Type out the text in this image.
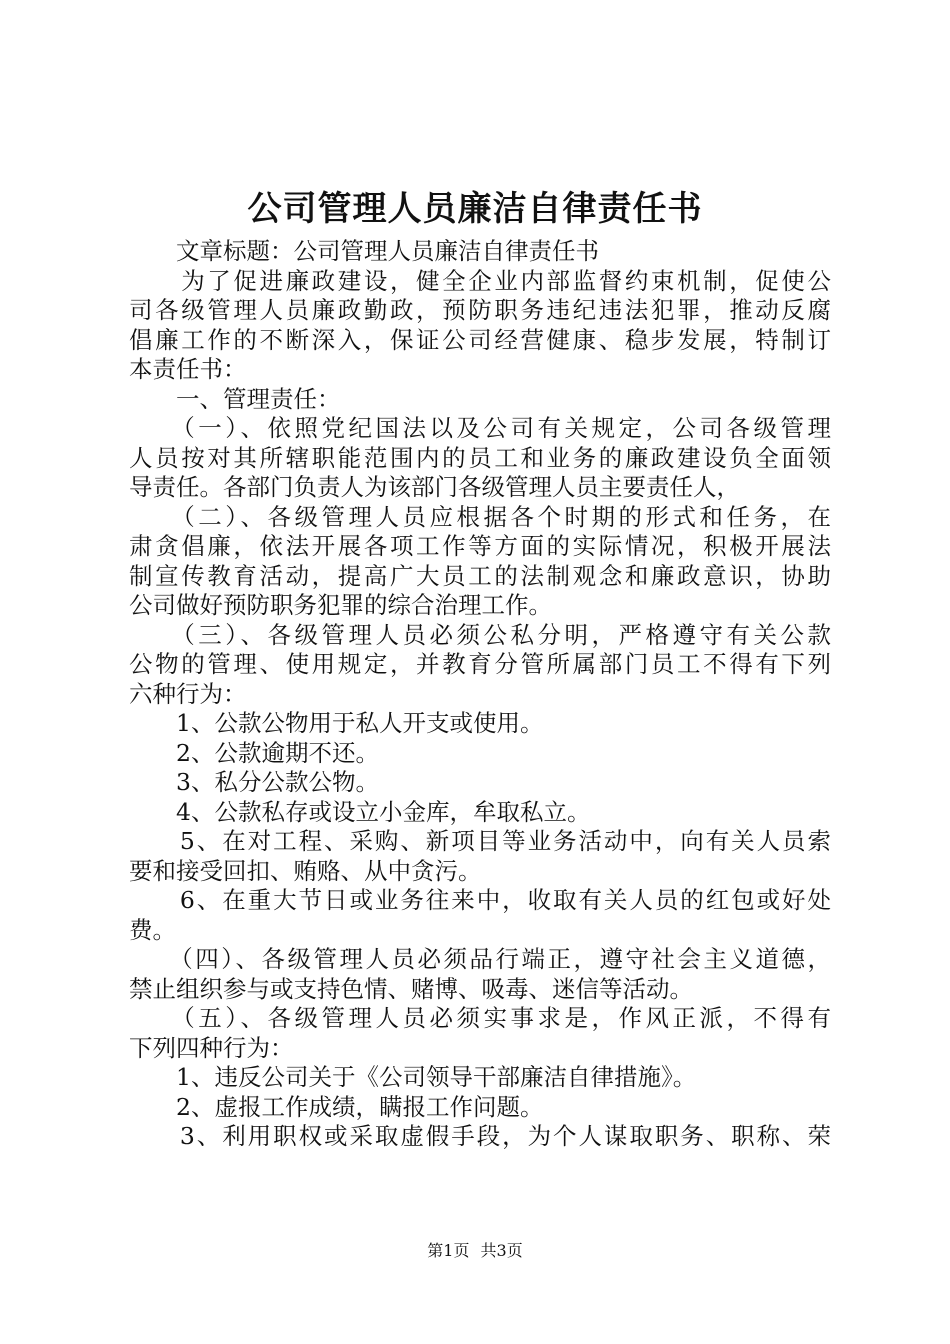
公司管理人员廉洁自律责任书
　　文章标题：公司管理人员廉洁自律责任书
　　为了促进廉政建设，健全企业内部监督约束机制，促使公
司各级管理人员廉政勤政，预防职务违纪违法犯罪，推动反腐
倡廉工作的不断深入，保证公司经营健康、稳步发展，特制订
本责任书：
　　一、管理责任：
　　（一）、依照党纪国法以及公司有关规定，公司各级管理
人员按对其所辖职能范围内的员工和业务的廉政建设负全面领
导责任。各部门负责人为该部门各级管理人员主要责任人，
　　（二）、各级管理人员应根据各个时期的形式和任务，在
肃贪倡廉，依法开展各项工作等方面的实际情况，积极开展法
制宣传教育活动，提高广大员工的法制观念和廉政意识，协助
公司做好预防职务犯罪的综合治理工作。
　　（三）、各级管理人员必须公私分明，严格遵守有关公款
公物的管理、使用规定，并教育分管所属部门员工不得有下列
六种行为：
　　1、公款公物用于私人开支或使用。
　　2、公款逾期不还。
　　3、私分公款公物。
　　4、公款私存或设立小金库，牟取私立。
　　5、在对工程、采购、新项目等业务活动中，向有关人员索
要和接受回扣、贿赂、从中贪污。
　　6、在重大节日或业务往来中，收取有关人员的红包或好处
费。
　　（四）、各级管理人员必须品行端正，遵守社会主义道德，
禁止组织参与或支持色情、赌博、吸毒、迷信等活动。
　　（五）、各级管理人员必须实事求是，作风正派，不得有
下列四种行为：
　　1、违反公司关于《公司领导干部廉洁自律措施》。
　　2、虚报工作成绩，瞒报工作问题。
　　3、利用职权或采取虚假手段，为个人谋取职务、职称、荣
第1页 共3页
